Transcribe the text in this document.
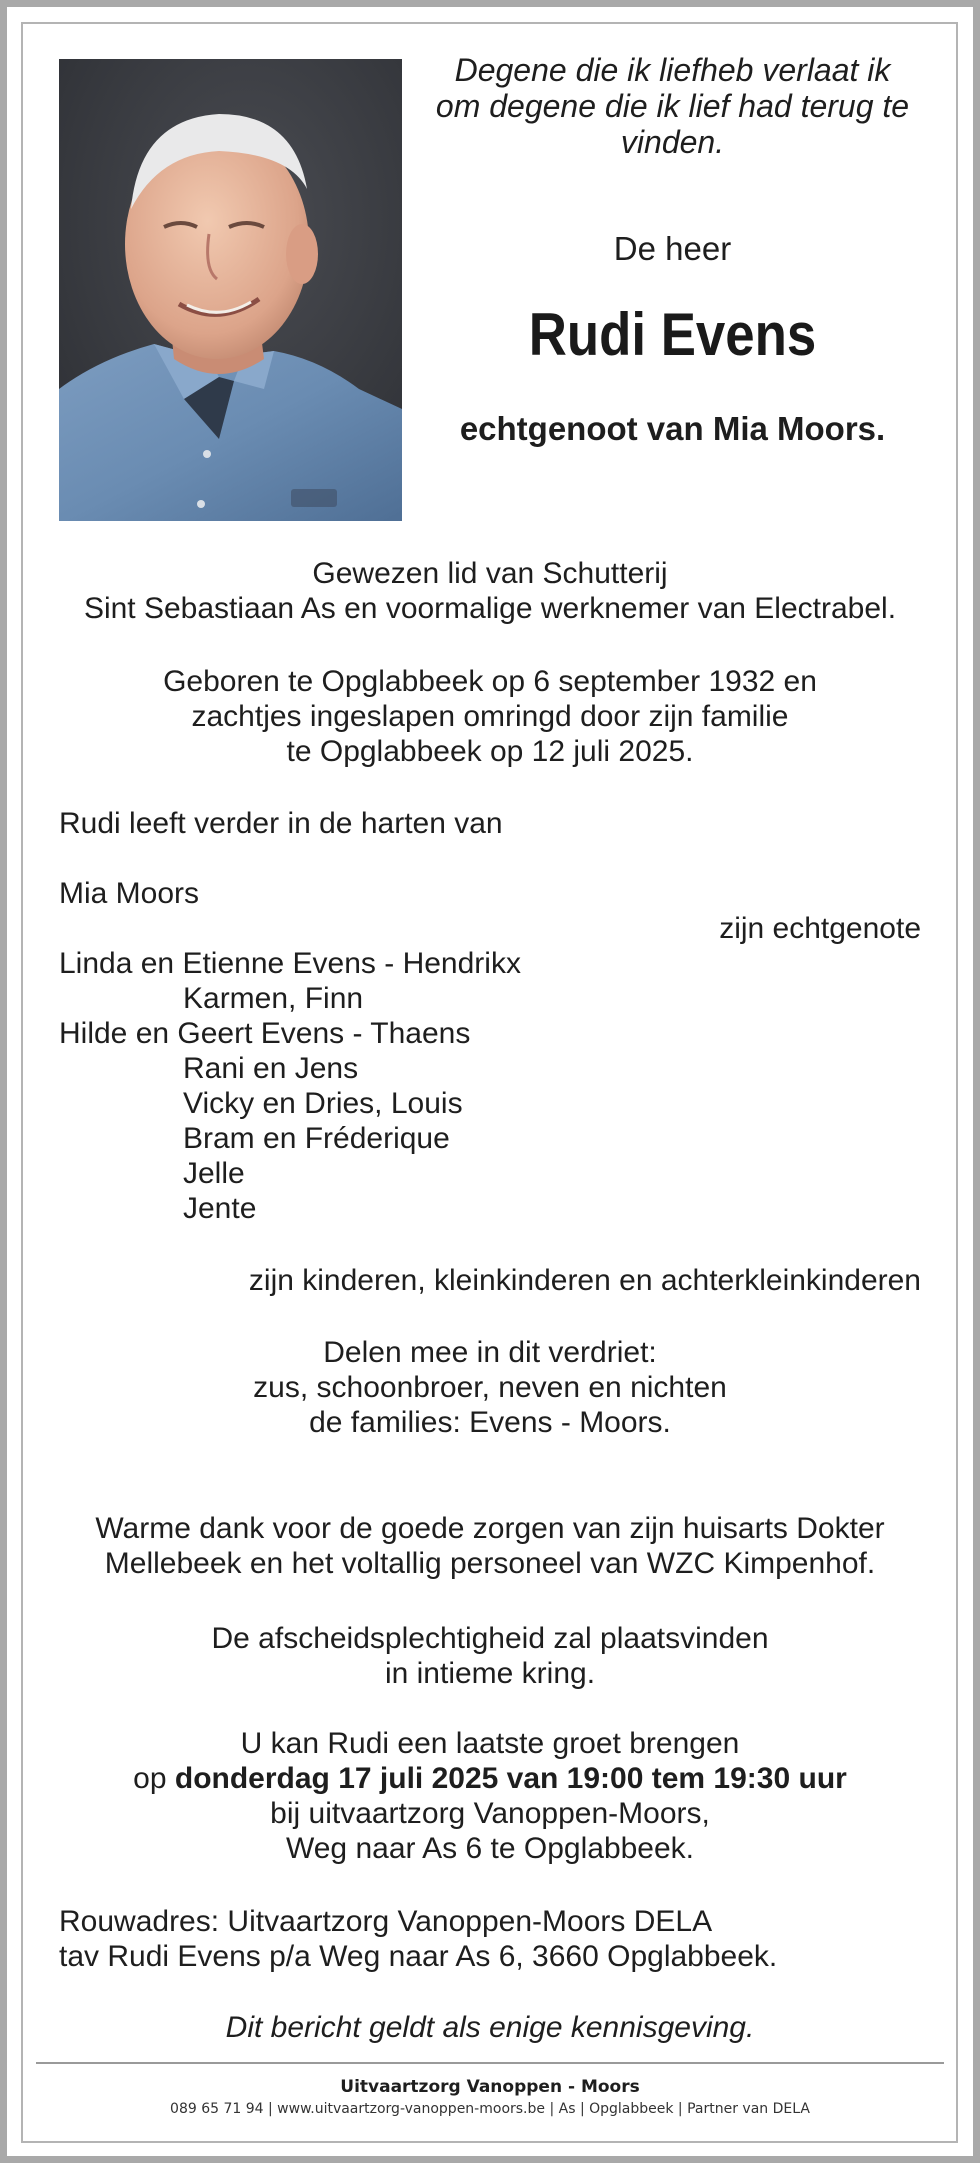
Degene die ik liefheb verlaat ik
om degene die ik lief had terug te
vinden.
De heer
Rudi Evens
echtgenoot van Mia Moors.
Gewezen lid van Schutterij
Sint Sebastiaan As en voormalige werknemer van Electrabel.
Geboren te Opglabbeek op 6 september 1932 en
zachtjes ingeslapen omringd door zijn familie
te Opglabbeek op 12 juli 2025.
Rudi leeft verder in de harten van
Mia Moors
zijn echtgenote
Linda en Etienne Evens - Hendrikx
Karmen, Finn
Hilde en Geert Evens - Thaens
Rani en Jens
Vicky en Dries, Louis
Bram en Fréderique
Jelle
Jente
zijn kinderen, kleinkinderen en achterkleinkinderen
Delen mee in dit verdriet:
zus, schoonbroer, neven en nichten
de families: Evens - Moors.
Warme dank voor de goede zorgen van zijn huisarts Dokter
Mellebeek en het voltallig personeel van WZC Kimpenhof.
De afscheidsplechtigheid zal plaatsvinden
in intieme kring.
U kan Rudi een laatste groet brengen
op donderdag 17 juli 2025 van 19:00 tem 19:30 uur
bij uitvaartzorg Vanoppen-Moors,
Weg naar As 6 te Opglabbeek.
Rouwadres: Uitvaartzorg Vanoppen-Moors DELA
tav Rudi Evens p/a Weg naar As 6, 3660 Opglabbeek.
Dit bericht geldt als enige kennisgeving.
Uitvaartzorg Vanoppen - Moors
089 65 71 94 | www.uitvaartzorg-vanoppen-moors.be | As | Opglabbeek | Partner van DELA
